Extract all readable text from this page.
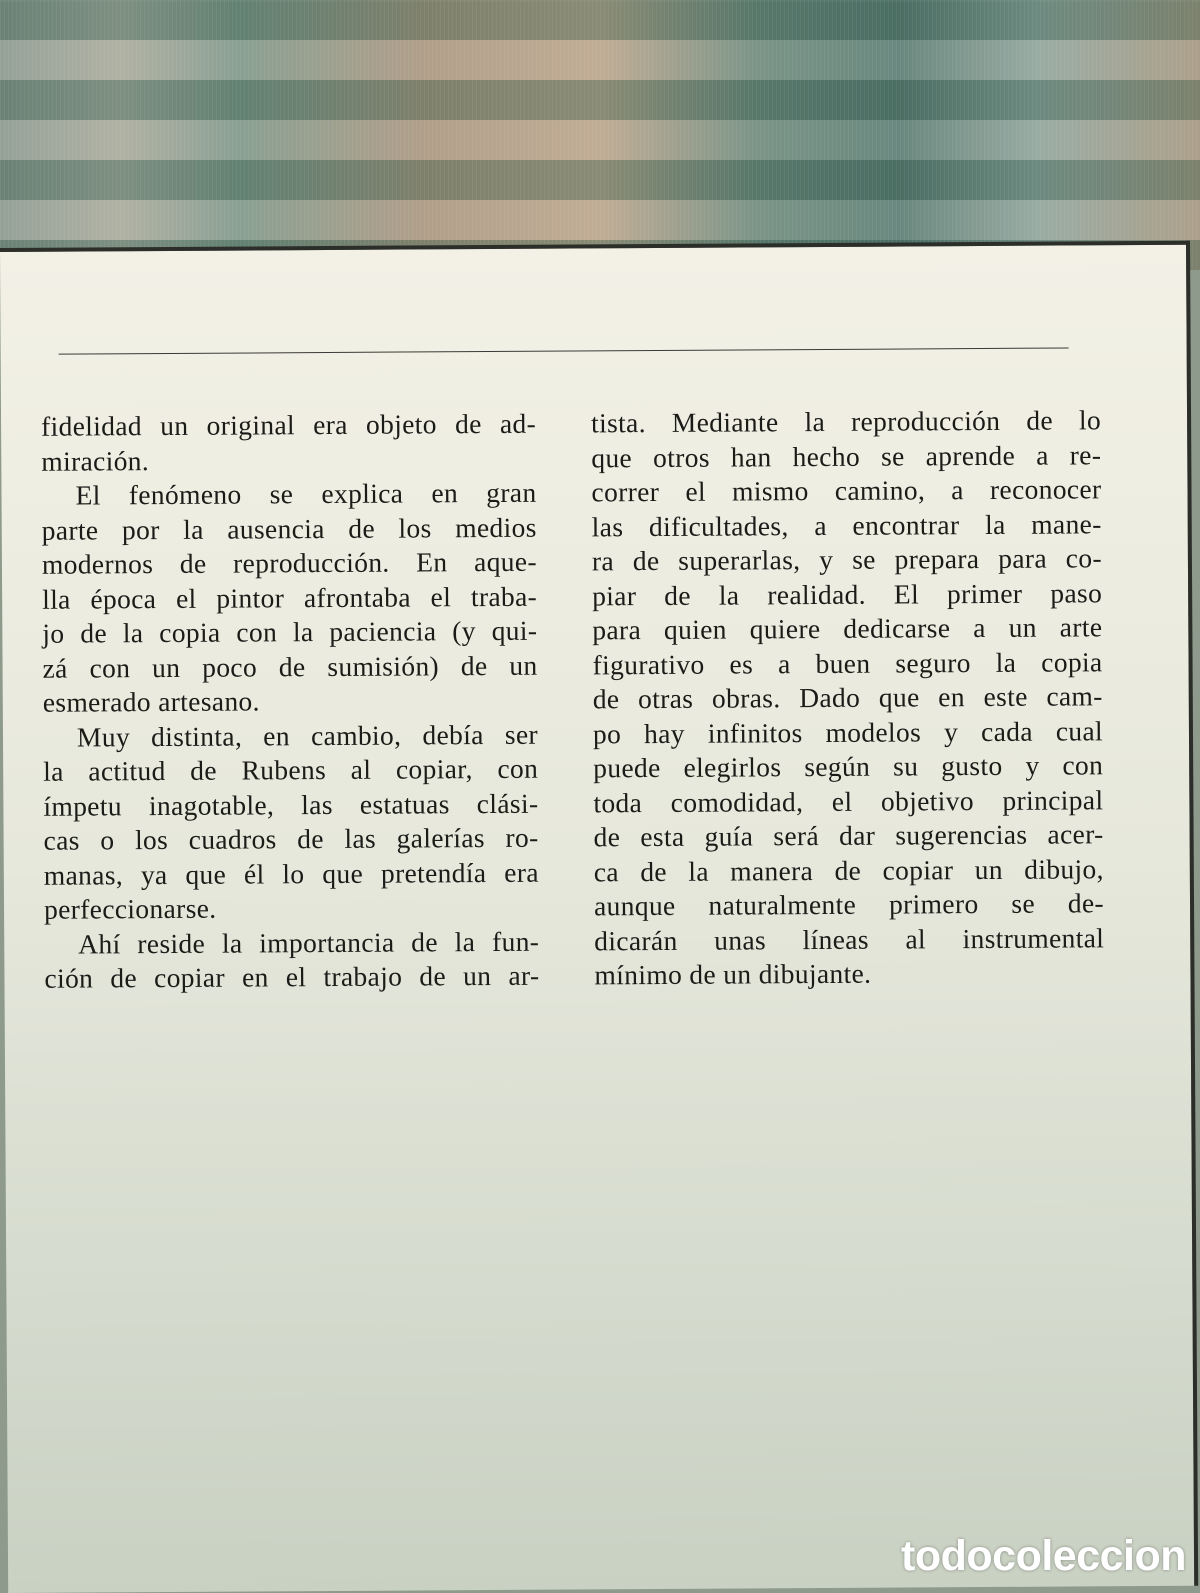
fidelidad un original era objeto de ad-
miración.
El fenómeno se explica en gran
parte por la ausencia de los medios
modernos de reproducción. En aque-
lla época el pintor afrontaba el traba-
jo de la copia con la paciencia (y qui-
zá con un poco de sumisión) de un
esmerado artesano.
Muy distinta, en cambio, debía ser
la actitud de Rubens al copiar, con
ímpetu inagotable, las estatuas clási-
cas o los cuadros de las galerías ro-
manas, ya que él lo que pretendía era
perfeccionarse.
Ahí reside la importancia de la fun-
ción de copiar en el trabajo de un ar-
tista. Mediante la reproducción de lo
que otros han hecho se aprende a re-
correr el mismo camino, a reconocer
las dificultades, a encontrar la mane-
ra de superarlas, y se prepara para co-
piar de la realidad. El primer paso
para quien quiere dedicarse a un arte
figurativo es a buen seguro la copia
de otras obras. Dado que en este cam-
po hay infinitos modelos y cada cual
puede elegirlos según su gusto y con
toda comodidad, el objetivo principal
de esta guía será dar sugerencias acer-
ca de la manera de copiar un dibujo,
aunque naturalmente primero se de-
dicarán unas líneas al instrumental
mínimo de un dibujante.
todocoleccion
